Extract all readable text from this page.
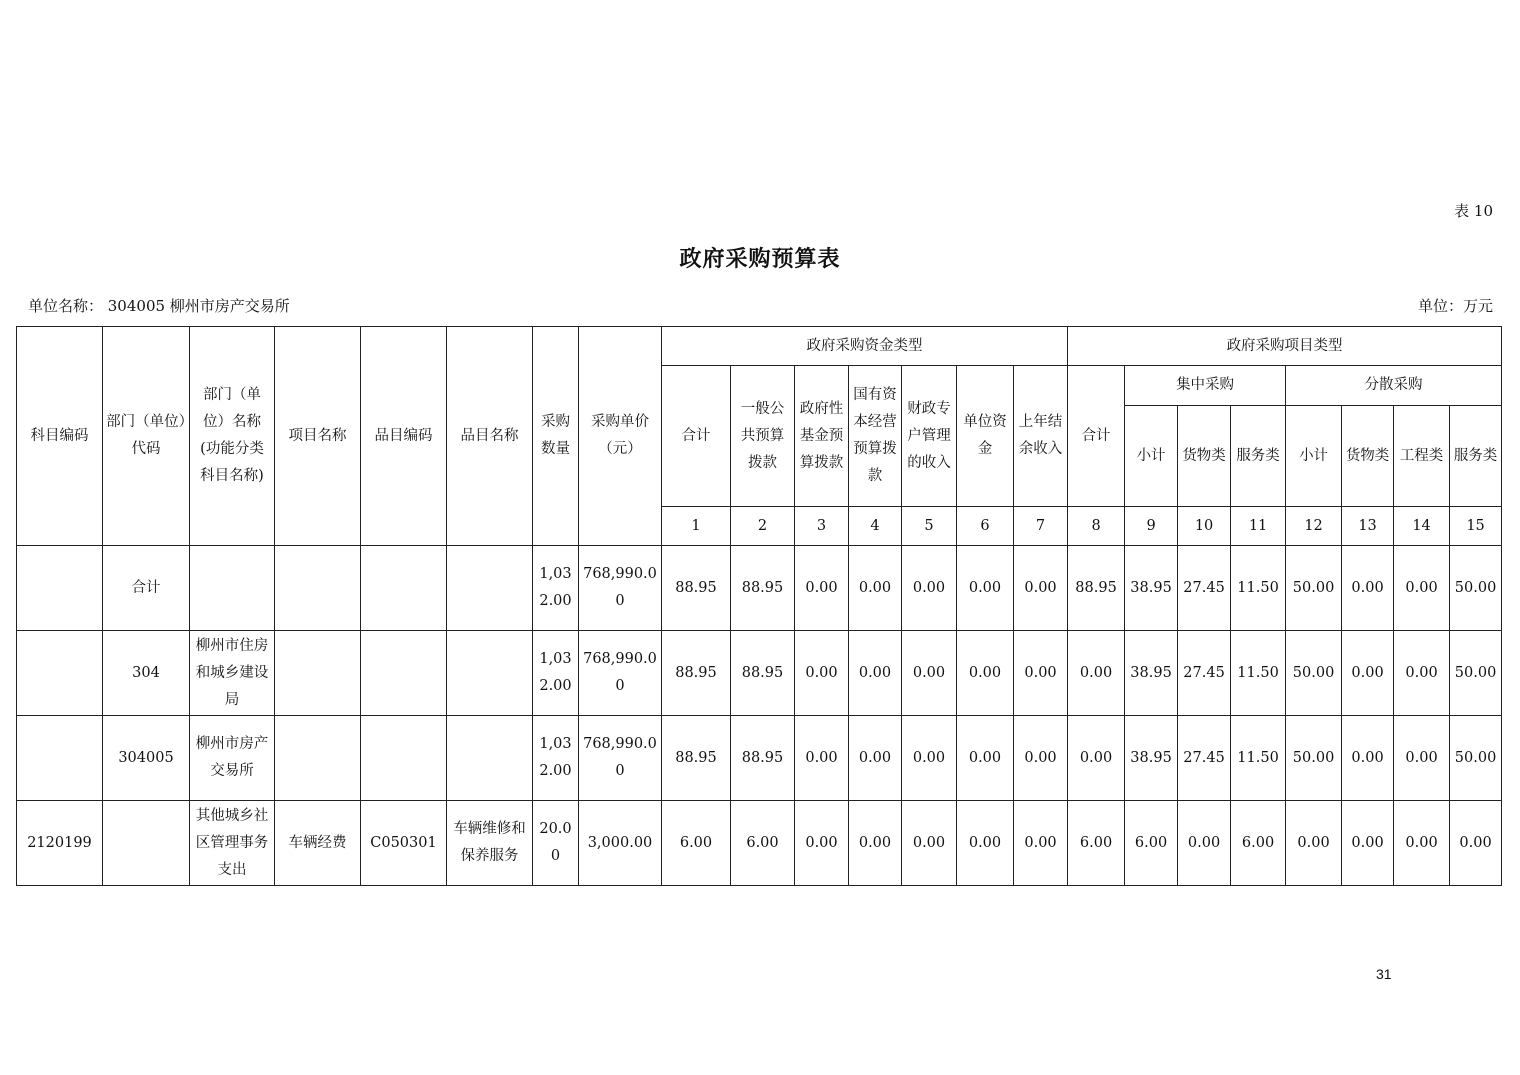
表 10
政府采购预算表
单位名称： 304005 柳州市房产交易所	单位：万元
科目编码	部门（单位）代码	部门（单位）名称(功能分类科目名称)	项目名称	品目编码	品目名称	采购数量	采购单价（元）	政府采购资金类型							政府采购项目类型							
								合计	一般公共预算拨款	政府性基金预算拨款	国有资本经营预算拨款	财政专户管理的收入	单位资金	上年结余收入	合计	集中采购			分散采购			
																小计	货物类	服务类	小计	货物类	工程类	服务类
								1	2	3	4	5	6	7	8	9	10	11	12	13	14	15
	合计					1,032.00	768,990.00	88.95	88.95	0.00	0.00	0.00	0.00	0.00	88.95	38.95	27.45	11.50	50.00	0.00	0.00	50.00
	304	柳州市住房和城乡建设局				1,032.00	768,990.00	88.95	88.95	0.00	0.00	0.00	0.00	0.00	0.00	38.95	27.45	11.50	50.00	0.00	0.00	50.00
	304005	柳州市房产交易所				1,032.00	768,990.00	88.95	88.95	0.00	0.00	0.00	0.00	0.00	0.00	38.95	27.45	11.50	50.00	0.00	0.00	50.00
2120199		其他城乡社区管理事务支出	车辆经费	C050301	车辆维修和保养服务	20.00	3,000.00	6.00	6.00	0.00	0.00	0.00	0.00	0.00	6.00	6.00	0.00	6.00	0.00	0.00	0.00	0.00
31
